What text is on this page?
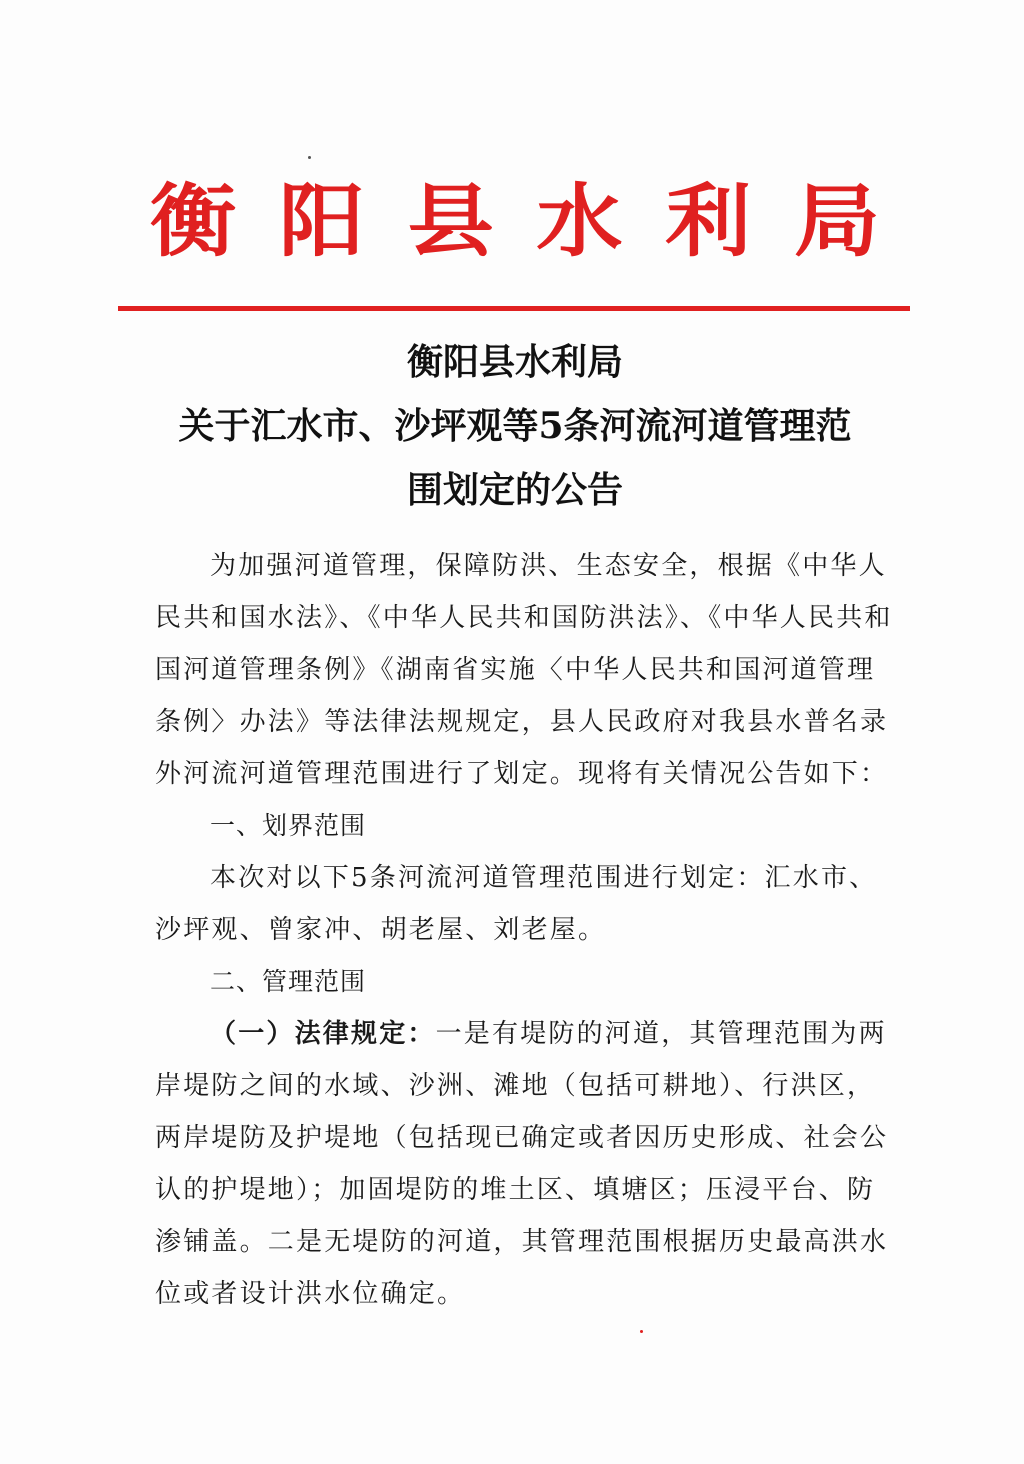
衡 阳 县 水 利 局
衡阳县水利局
关于汇水市、沙坪观等5条河流河道管理范
围划定的公告
为加强河道管理，保障防洪、生态安全，根据《中华人
民共和国水法》、《中华人民共和国防洪法》、《中华人民共和
国河道管理条例》《湖南省实施〈中华人民共和国河道管理
条例〉办法》等法律法规规定，县人民政府对我县水普名录
外河流河道管理范围进行了划定。现将有关情况公告如下：
一、划界范围
本次对以下5条河流河道管理范围进行划定：汇水市、
沙坪观、曾家冲、胡老屋、刘老屋。
二、管理范围
（一）法律规定：一是有堤防的河道，其管理范围为两
岸堤防之间的水域、沙洲、滩地（包括可耕地）、行洪区，
两岸堤防及护堤地（包括现已确定或者因历史形成、社会公
认的护堤地）；加固堤防的堆土区、填塘区；压浸平台、防
渗铺盖。二是无堤防的河道，其管理范围根据历史最高洪水
位或者设计洪水位确定。
